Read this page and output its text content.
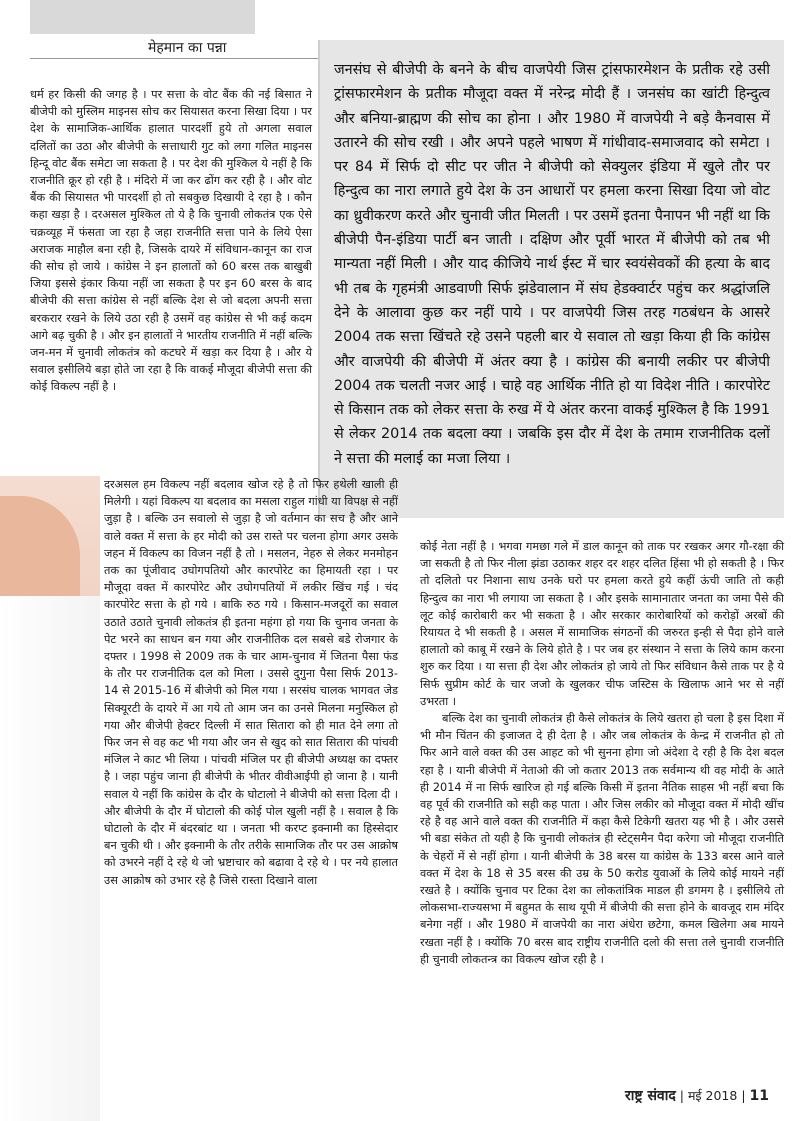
मेहमान का पन्ना

जनसंघ से बीजेपी के बनने के बीच वाजपेयी जिस ट्रांसफारमेशन के प्रतीक रहे उसी ट्रांसफारमेशन के प्रतीक मौजूदा वक्त में नरेन्द्र मोदी हैं । जनसंघ का खांटी हिन्दुत्व और बनिया-ब्राह्मण की सोच का होना । और 1980 में वाजपेयी ने बड़े कैनवास में उतारने की सोच रखी । और अपने पहले भाषण में गांधीवाद-समाजवाद को समेटा । पर 84 में सिर्फ दो सीट पर जीत ने बीजेपी को सेक्युलर इंडिया में खुले तौर पर हिन्दुत्व का नारा लगाते हुये देश के उन आधारों पर हमला करना सिखा दिया जो वोट का ध्रुवीकरण करते और चुनावी जीत मिलती । पर उसमें इतना पैनापन भी नहीं था कि बीजेपी पैन-इंडिया पार्टी बन जाती । दक्षिण और पूर्वी भारत में बीजेपी को तब भी मान्यता नहीं मिली । और याद कीजिये नार्थ ईस्ट में चार स्वयंसेवकों की हत्या के बाद भी तब के गृहमंत्री आडवाणी सिर्फ झंडेवालान में संघ हेडक्वार्टर पहुंच कर श्रद्धांजलि देने के आलावा कुछ कर नहीं पाये । पर वाजपेयी जिस तरह गठबंधन के आसरे 2004 तक सत्ता खिंचते रहे उसने पहली बार ये सवाल तो खड़ा किया ही कि कांग्रेस और वाजपेयी की बीजेपी में अंतर क्या है । कांग्रेस की बनायी लकीर पर बीजेपी 2004 तक चलती नजर आई । चाहे वह आर्थिक नीति हो या विदेश नीति । कारपोरेट से किसान तक को लेकर सत्ता के रुख में ये अंतर करना वाकई मुश्किल है कि 1991 से लेकर 2014 तक बदला क्या । जबकि इस दौर में देश के तमाम राजनीतिक दलों ने सत्ता की मलाई का मजा लिया ।

धर्म हर किसी की जगह है । पर सत्ता के वोट बैंक की नई बिसात ने बीजेपी को मुस्लिम माइनस सोच कर सियासत करना सिखा दिया । पर देश के सामाजिक-आर्थिक हालात पारदर्शी हुये तो अगला सवाल दलितों का उठा और बीजेपी के सत्ताधारी गुट को लगा गलित माइनस हिन्दू वोट बैंक समेटा जा सकता है । पर देश की मुश्किल ये नहीं है कि राजनीति क्रूर हो रही है । मंदिरो में जा कर ढोंग कर रही है । और वोट बैंक की सियासत भी पारदर्शी हो तो सबकुछ दिखायी दे रहा है । कौन कहा खड़ा है । दरअसल मुश्किल तो ये है कि चुनावी लोकतंत्र एक ऐसे चक्रव्यूह में फंसता जा रहा है जहा राजनीति सत्ता पाने के लिये ऐसा अराजक माहौल बना रही है, जिसके दायरे में संविधान-कानून का राज की सोच हो जाये । कांग्रेस ने इन हालातों को 60 बरस तक बाखुबी जिया इससे इंकार किया नहीं जा सकता है पर इन 60 बरस के बाद बीजेपी की सत्ता कांग्रेस से नहीं बल्कि देश से जो बदला अपनी सत्ता बरकरार रखने के लिये उठा रही है उसमें वह कांग्रेस से भी कई कदम आगे बढ़ चुकी है । और इन हालातों ने भारतीय राजनीति में नहीं बल्कि जन-मन में चुनावी लोकतंत्र को कटघरे में खड़ा कर दिया है । और ये सवाल इसीलिये बड़ा होते जा रहा है कि वाकई मौजूदा बीजेपी सत्ता की कोई विकल्प नहीं है ।

दरअसल हम विकल्प नहीं बदलाव खोज रहे है तो फिर हथेली खाली ही मिलेगी । यहां विकल्प या बदलाव का मसला राहुल गांधी या विपक्ष से नहीं जुड़ा है । बल्कि उन सवालो से जुड़ा है जो वर्तमान का सच है और आने वाले वक्त में सत्ता के हर मोदी को उस रास्ते पर चलना होगा अगर उसके जहन में विकल्प का विजन नहीं है तो । मसलन, नेहरु से लेकर मनमोहन तक का पूंजीवाद उघोगपतियो और कारपोरेट का हिमायती रहा । पर मौजूदा वक्त में कारपोरेट और उघोगपतियों में लकीर खिंच गई । चंद कारपोरेट सत्ता के हो गये । बाकि रुठ गये । किसान-मजदूरों का सवाल उठाते उठाते चुनावी लोकतंत्र ही इतना महंगा हो गया कि चुनाव जनता के पेट भरने का साधन बन गया और राजनीतिक दल सबसे बडे रोजगार के दफ्तर । 1998 से 2009 तक के चार आम-चुनाव में जितना पैसा फंड के तौर पर राजनीतिक दल को मिला । उससे दुगुना पैसा सिर्फ 2013-14 से 2015-16 में बीजेपी को मिल गया । सरसंघ चालक भागवत जेड सिक्यूरटी के दायरे में आ गये तो आम जन का उनसे मिलना मनुस्किल हो गया और बीजेपी हेक्टर दिल्ली में सात सितारा को ही मात देने लगा तो फिर जन से वह कट भी गया और जन से खुद को सात सितारा की पांचवी मंजिल ने काट भी लिया । पांचवी मंजिल पर ही बीजेपी अध्यक्ष का दफ्तर है । जहा पहुंच जाना ही बीजेपी के भीतर वीवीआईपी हो जाना है । यानी सवाल ये नहीं कि कांग्रेस के दौर के घोटालो ने बीजेपी को सत्ता दिला दी । और बीजेपी के दौर में घोटालो की कोई पोल खुली नहीं है । सवाल है कि घोटालो के दौर में बंदरबांट था । जनता भी करप्ट इक्नामी का हिस्सेदार बन चुकी थी । और इक्नामी के तौर तरीके सामाजिक तौर पर उस आक्रोष को उभरने नहीं दे रहे थे जो भ्रष्टाचार को बढावा दे रहे थे । पर नये हालात उस आक्रोष को उभार रहे है जिसे रास्ता दिखाने वाला

कोई नेता नहीं है । भगवा गमछा गले में डाल कानून को ताक पर रखकर अगर गौ-रक्षा की जा सकती है तो फिर नीला झंडा उठाकर शहर दर शहर दलित हिंसा भी हो सकती है । फिर तो दलितो पर निशाना साध उनके घरो पर हमला करते हुये कहीं ऊंची जाति तो कही हिन्दुत्व का नारा भी लगाया जा सकता है । और इसके सामानातार जनता का जमा पैसे की लूट कोई कारोबारी कर भी सकता है । और सरकार कारोबारियों को करोड़ों अरबों की रियायत दे भी सकती है । असल में सामाजिक संगठनों की जरुरत इन्ही से पैदा होने वाले हालातो को काबू में रखने के लिये होते है । पर जब हर संस्थान ने सत्ता के लिये काम करना शुरु कर दिया । या सत्ता ही देश और लोकतंत्र हो जाये तो फिर संविधान कैसे ताक पर है ये सिर्फ सुप्रीम कोर्ट के चार जजो के खुलकर चीफ जस्टिस के खिलाफ आने भर से नहीं उभरता ।

बल्कि देश का चुनावी लोकतंत्र ही कैसे लोकतंत्र के लिये खतरा हो चला है इस दिशा में भी मौन चिंतन की इजाजत दे ही देता है । और जब लोकतंत्र के केन्द्र में राजनीत हो तो फिर आने वाले वक्त की उस आहट को भी सुनना होगा जो अंदेशा दे रही है कि देश बदल रहा है । यानी बीजेपी में नेताओ की जो कतार 2013 तक सर्वमान्य थी वह मोदी के आते ही 2014 में ना सिर्फ खारिज हो गई बल्कि किसी में इतना नैतिक साहस भी नहीं बचा कि वह पूर्व की राजनीति को सही कह पाता । और जिस लकीर को मौजूदा वक्त में मोदी खींच रहे है वह आने वाले वक्त की राजनीति में कहा कैसे टिकेगी खतरा यह भी है । और उससे भी बडा संकेत तो यही है कि चुनावी लोकतंत्र ही स्टेट्समैन पैदा करेगा जो मौजूदा राजनीति के चेहरों में से नहीं होगा । यानी बीजेपी के 38 बरस या कांग्रेस के 133 बरस आने वाले वक्त में देश के 18 से 35 बरस की उम्र के 50 करोड युवाओं के लिये कोई मायने नहीं रखते है । क्योंकि चुनाव पर टिका देश का लोकतांत्रिक माडल ही डगमग है । इसीलिये तो लोकसभा-राज्यसभा में बहुमत के साथ यूपी में बीजेपी की सत्ता होने के बावजूद राम मंदिर बनेगा नहीं । और 1980 में वाजपेयी का नारा अंधेरा छटेगा, कमल खिलेगा अब मायने रखता नहीं है । क्योंकि 70 बरस बाद राष्ट्रीय राजनीति दलो की सत्ता तले चुनावी राजनीति ही चुनावी लोकतन्त्र का विकल्प खोज रही है ।

राष्ट्र संवाद | मई 2018 | 11
